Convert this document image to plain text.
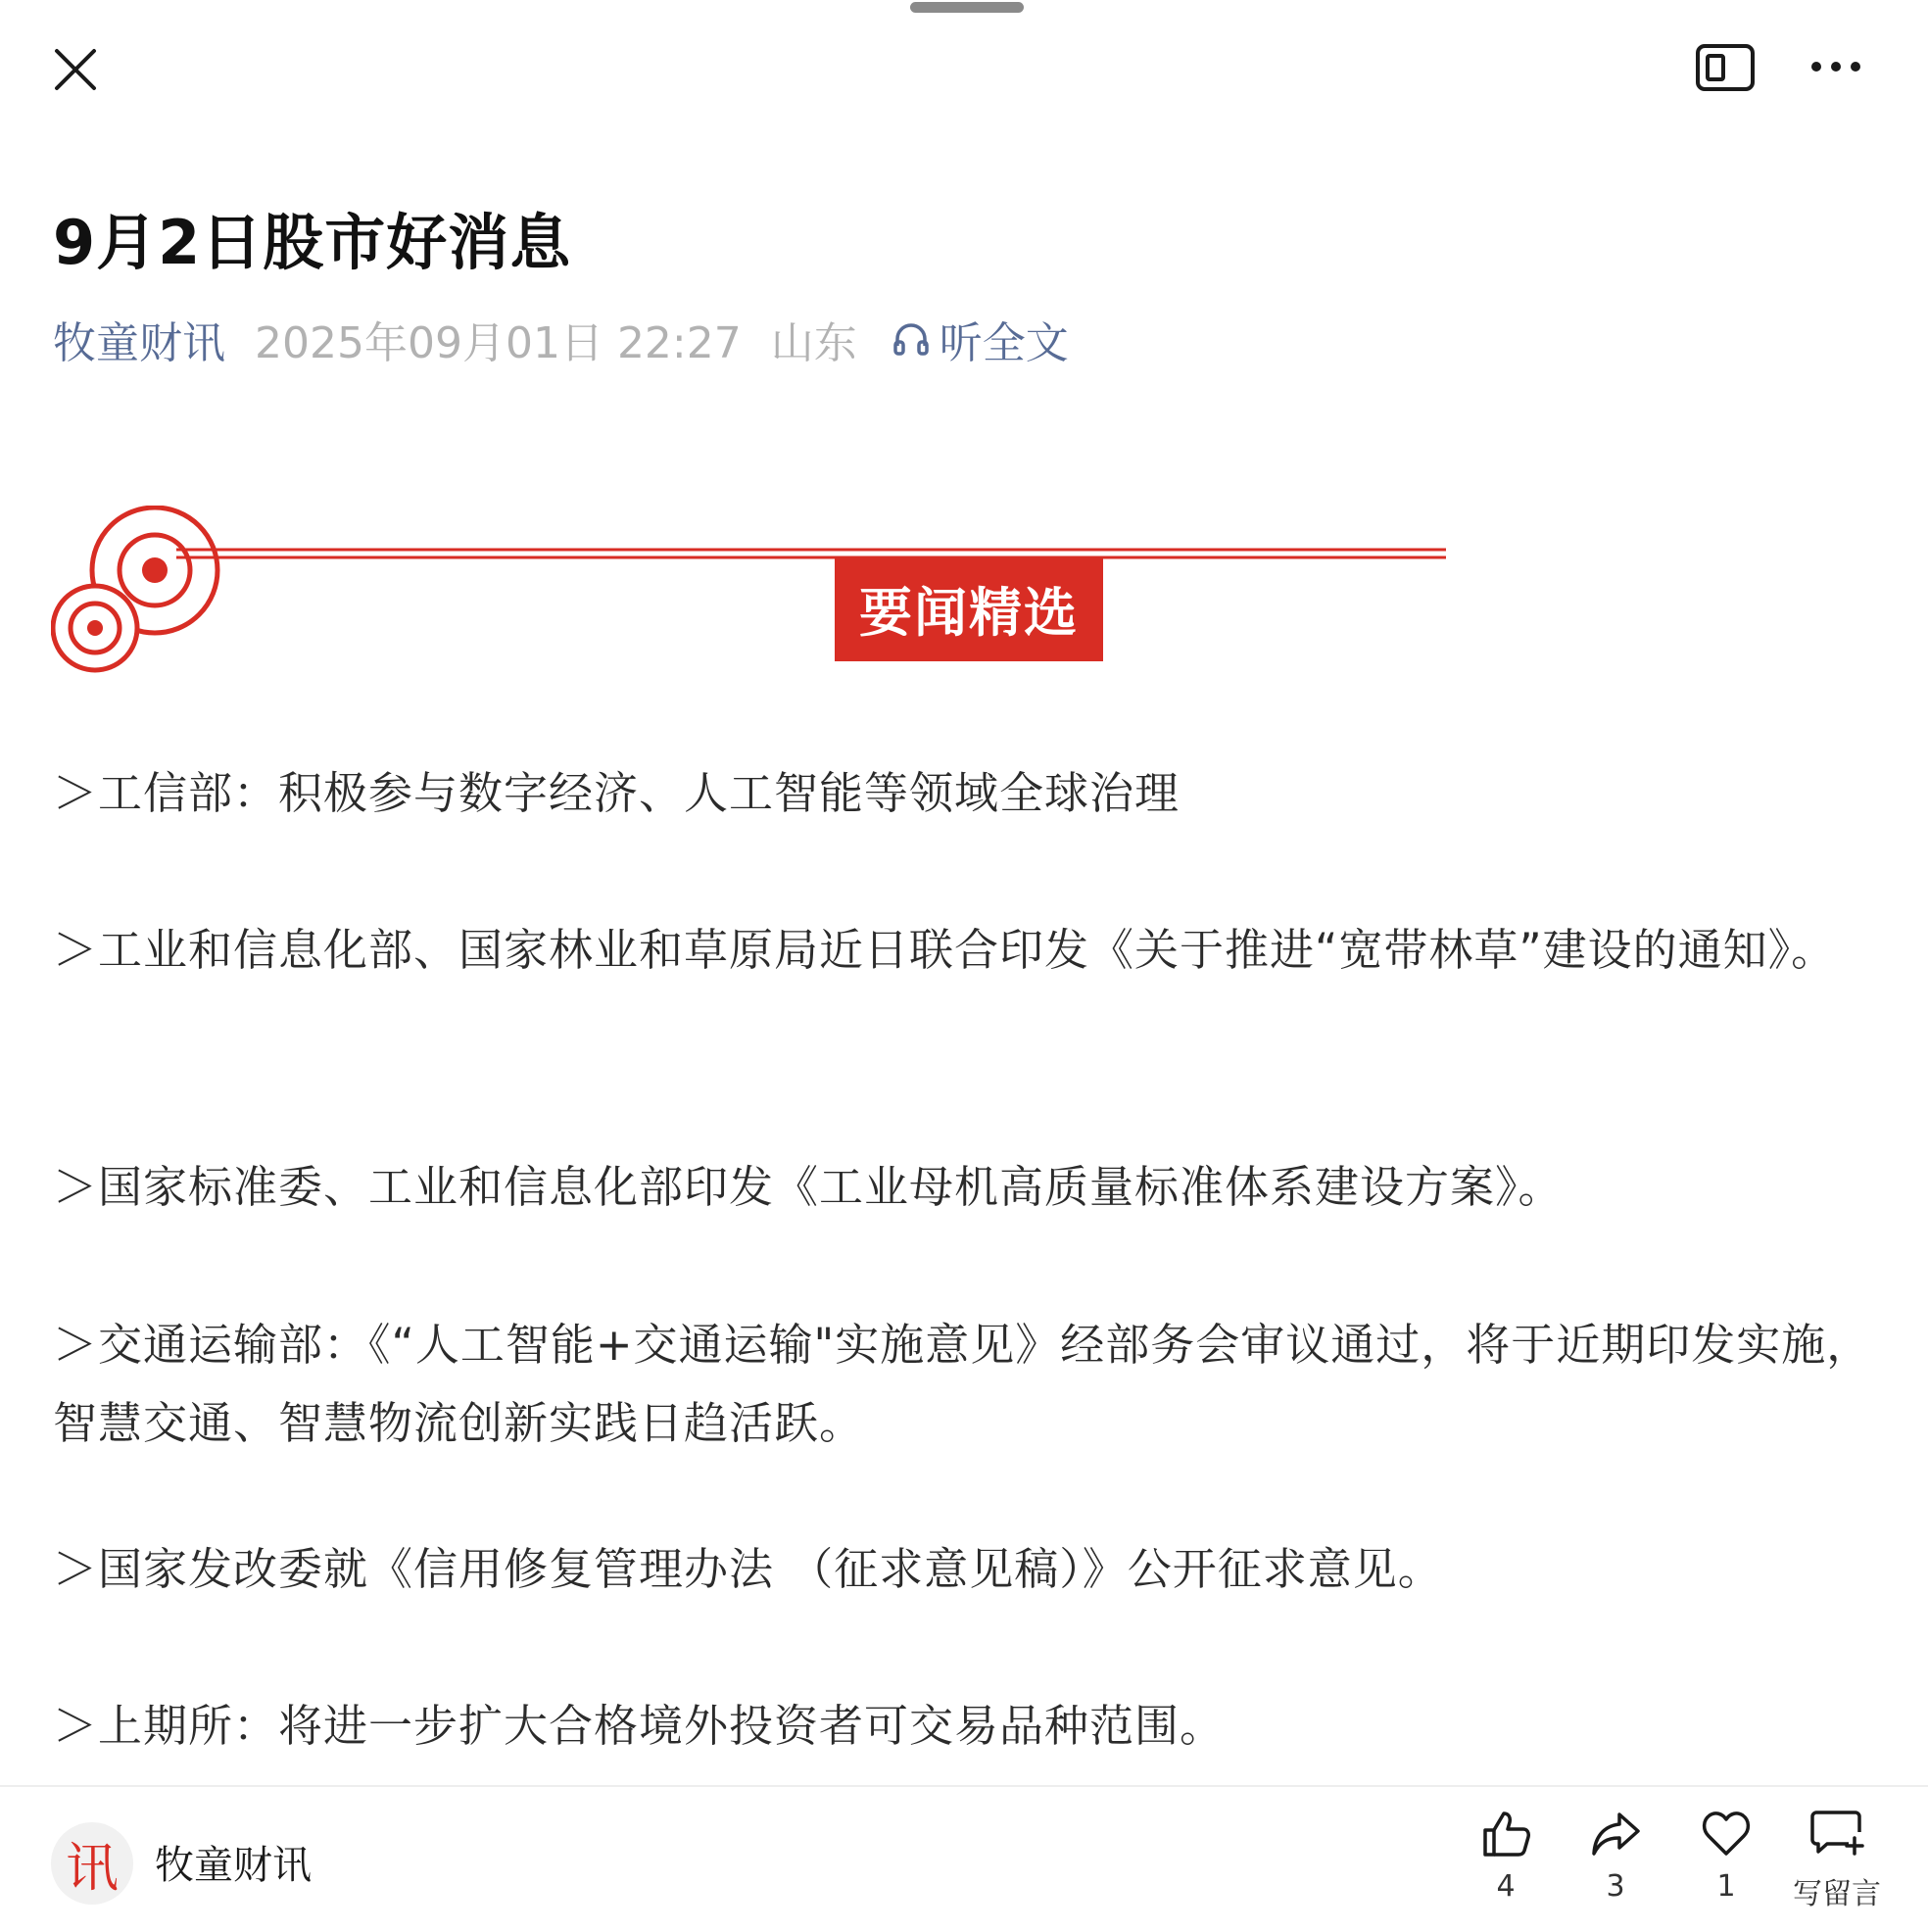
9月2日股市好消息
牧童财讯 2025年09月01日 22:27 山东 听全文
要闻精选

＞工信部：积极参与数字经济、人工智能等领域全球治理

＞工业和信息化部、国家林业和草原局近日联合印发《关于推进“宽带林草”建设的通知》。

＞国家标准委、工业和信息化部印发《工业母机高质量标准体系建设方案》。

＞交通运输部：《“人工智能+交通运输"实施意见》经部务会审议通过，将于近期印发实施，智慧交通、智慧物流创新实践日趋活跃。

＞国家发改委就《信用修复管理办法 （征求意见稿）》公开征求意见。

＞上期所：将进一步扩大合格境外投资者可交易品种范围。

讯 牧童财讯	4	3	1 写留言
